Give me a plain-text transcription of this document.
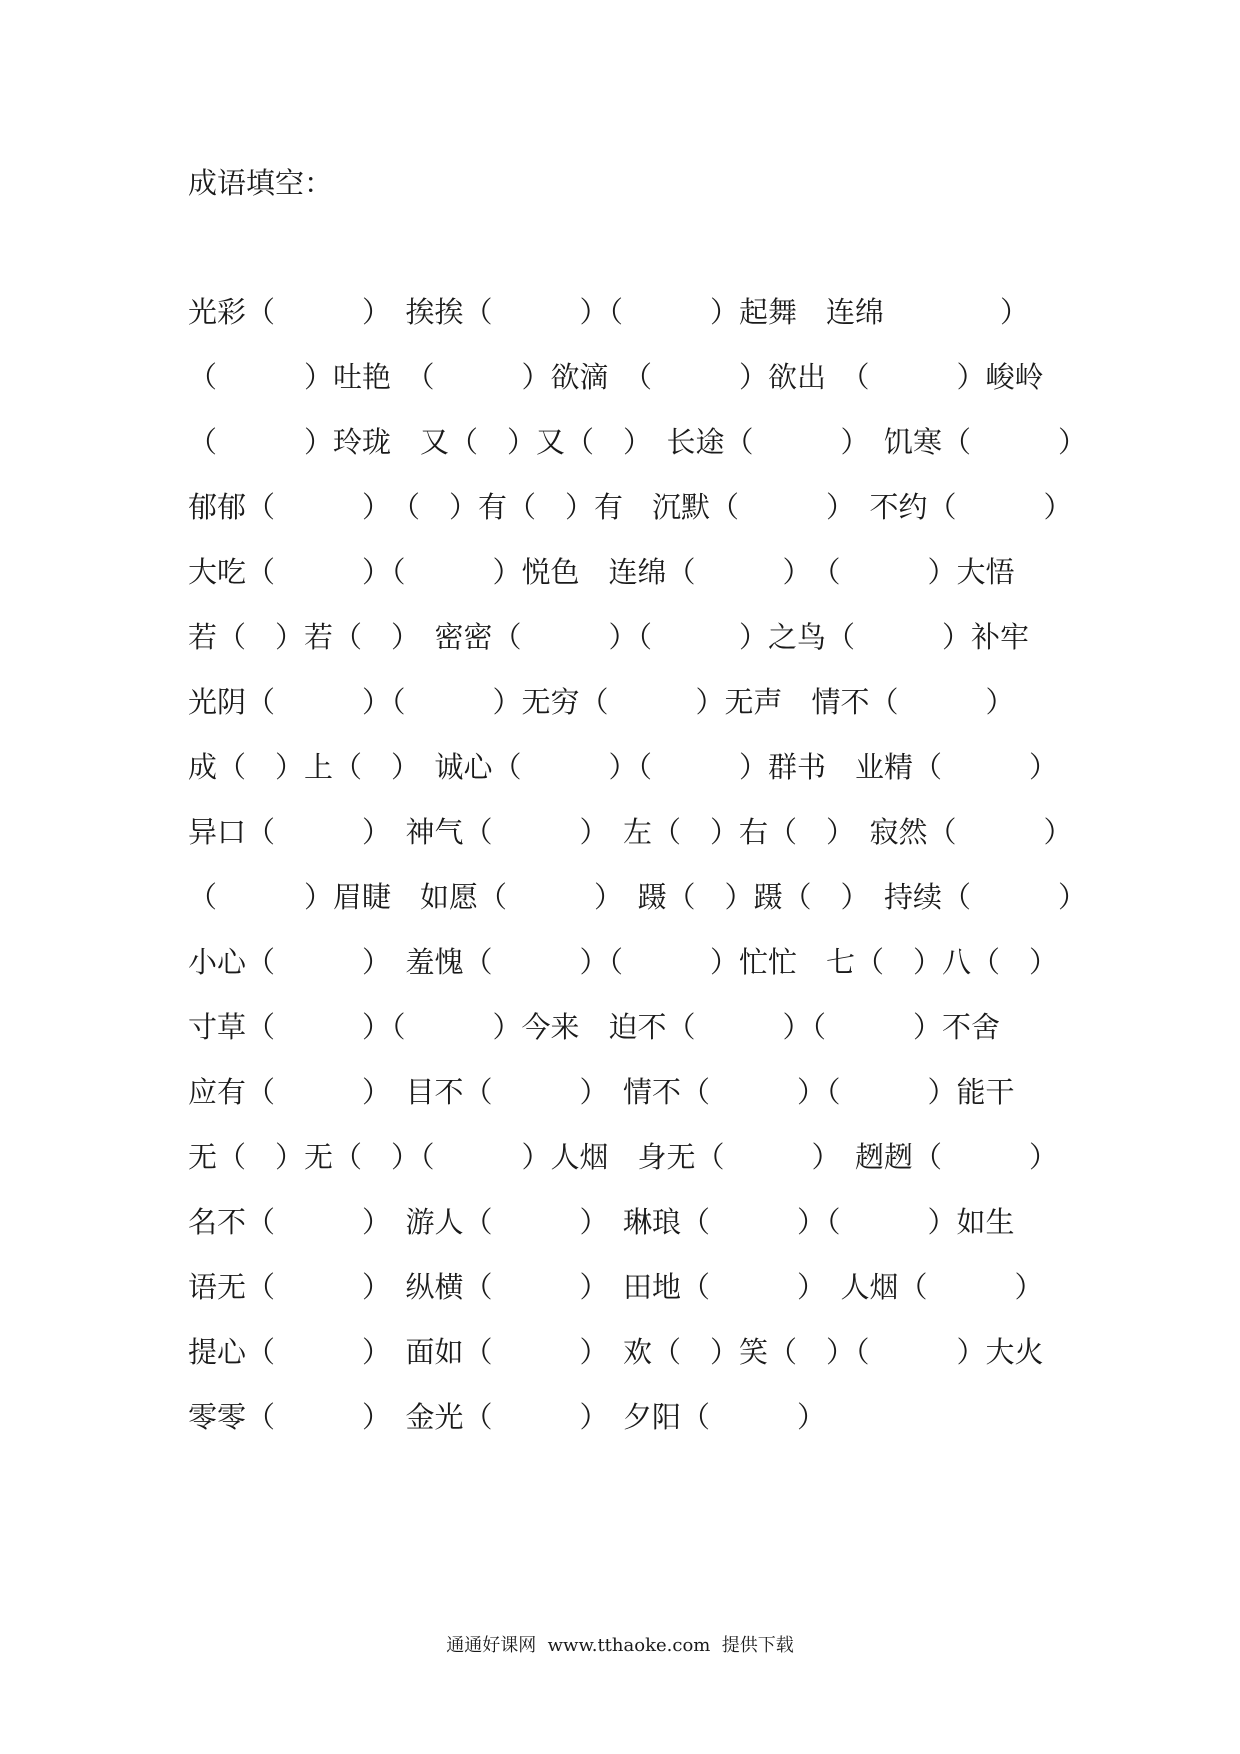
成语填空：
光彩（　　　）　挨挨（　　　）（　　　）起舞　连绵　　　　）
（　　　）吐艳　（　　　）欲滴　（　　　）欲出　（　　　）峻岭
（　　　）玲珑　又（　）又（　）　长途（　　　）　饥寒（　　　）
郁郁（　　　）　（　）有（　）有　沉默（　　　）　不约（　　　）
大吃（　　　）（　　　）悦色　连绵（　　　）　（　　　）大悟
若（　）若（　）　密密（　　　）（　　　）之鸟（　　　）补牢
光阴（　　　）（　　　）无穷（　　　）无声　情不（　　　）
成（　）上（　）　诚心（　　　）（　　　）群书　业精（　　　）
异口（　　　）　神气（　　　）　左（　）右（　）　寂然（　　　）
（　　　）眉睫　如愿（　　　）　蹑（　）蹑（　）　持续（　　　）
小心（　　　）　羞愧（　　　）（　　　）忙忙　七（　）八（　）
寸草（　　　）（　　　）今来　迫不（　　　）（　　　）不舍
应有（　　　）　目不（　　　）　情不（　　　）（　　　）能干
无（　）无（　）（　　　）人烟　身无（　　　）　趔趔（　　　）
名不（　　　）　游人（　　　）　琳琅（　　　）（　　　）如生
语无（　　　）　纵横（　　　）　田地（　　　）　人烟（　　　）
提心（　　　）　面如（　　　）　欢（　）笑（　）（　　　）大火
零零（　　　）　金光（　　　）　夕阳（　　　）
通通好课网  www.tthaoke.com  提供下载
